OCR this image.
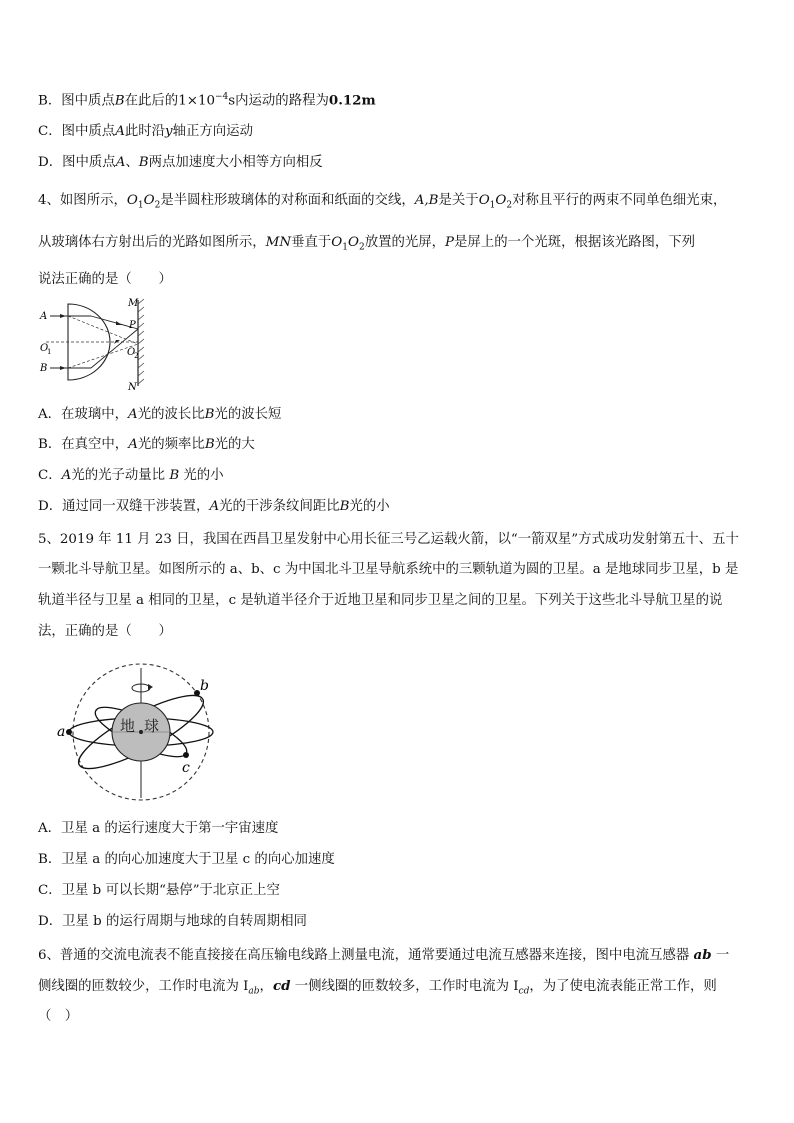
B．图中质点B在此后的$1\times 10^{-4}s$内运动的路程为0.12m
C．图中质点A此时沿y轴正方向运动
D．图中质点A、B两点加速度大小相等方向相反
4、如图所示，$O_1O_2$是半圆柱形玻璃体的对称面和纸面的交线，A,B是关于$O_1O_2$对称且平行的两束不同单色细光束，
从玻璃体右方射出后的光路如图所示，MN垂直于$O_1O_2$放置的光屏，P是屏上的一个光斑，根据该光路图，下列
说法正确的是（　　）
A
B
O
1	O
2
M
N
P
A．在玻璃中，A光的波长比B光的波长短
B．在真空中，A光的频率比B光的大
C．A光的光子动量比 B 光的小
D．通过同一双缝干涉装置，A光的干涉条纹间距比B光的小
5、2019 年 11 月 23 日，我国在西昌卫星发射中心用长征三号乙运载火箭，以“一箭双星”方式成功发射第五十、五十
一颗北斗导航卫星。如图所示的 a、b、c 为中国北斗卫星导航系统中的三颗轨道为圆的卫星。a 是地球同步卫星，b 是
轨道半径与卫星 a 相同的卫星，c 是轨道半径介于近地卫星和同步卫星之间的卫星。下列关于这些北斗导航卫星的说
法，正确的是（　　）
地 球
a
b
c
A．卫星 a 的运行速度大于第一宇宙速度
B．卫星 a 的向心加速度大于卫星 c 的向心加速度
C．卫星 b 可以长期“悬停”于北京正上空
D．卫星 b 的运行周期与地球的自转周期相同
6、普通的交流电流表不能直接接在高压输电线路上测量电流，通常要通过电流互感器来连接，图中电流互感器 ab 一
侧线圈的匝数较少，工作时电流为 $I_{ab}$，cd 一侧线圈的匝数较多，工作时电流为 $I_{cd}$，为了使电流表能正常工作，则
（　）
